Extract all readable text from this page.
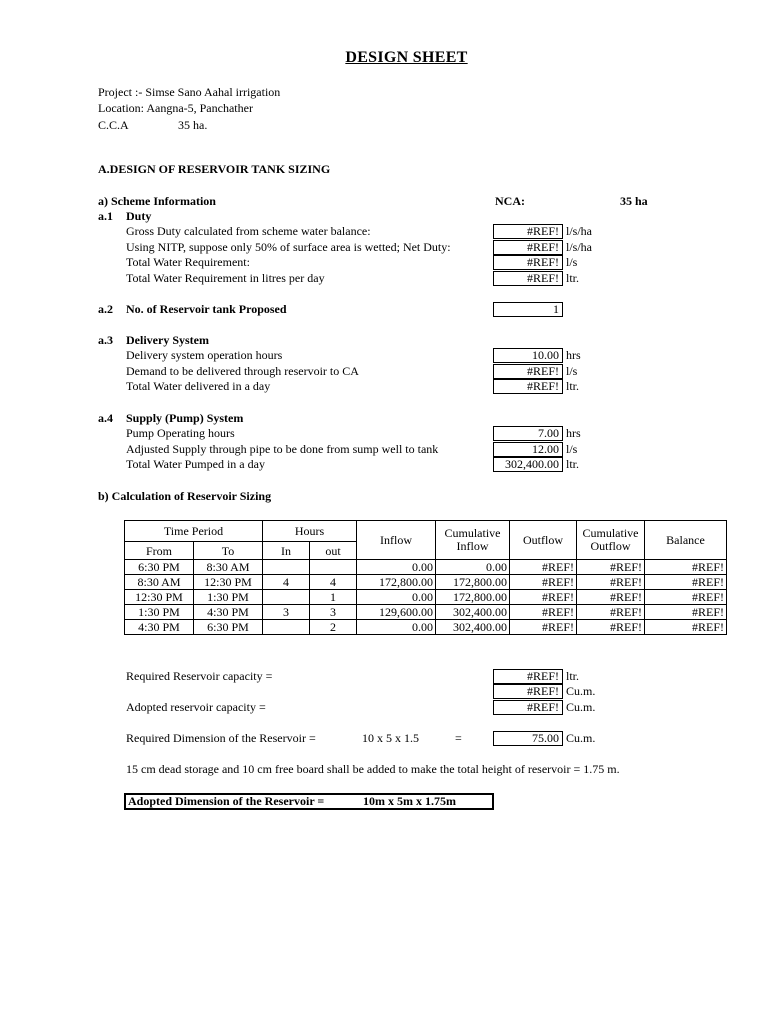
DESIGN SHEET
Project :- Simse Sano Aahal irrigation
Location: Aangna-5, Panchather
C.C.A	35 ha.
A.DESIGN OF RESERVOIR TANK SIZING
a) Scheme Information	NCA:	35 ha
a.1 Duty
Gross Duty calculated from scheme water balance:	#REF! l/s/ha
Using NITP, suppose only 50% of surface area is wetted; Net Duty:	#REF! l/s/ha
Total Water Requirement:	#REF! l/s
Total Water Requirement in litres per day	#REF! ltr.
a.2 No. of Reservoir tank Proposed	1
a.3 Delivery System
Delivery system operation hours	10.00 hrs
Demand to be delivered through reservoir to CA	#REF! l/s
Total Water delivered in a day	#REF! ltr.
a.4 Supply (Pump) System
Pump Operating hours	7.00 hrs
Adjusted Supply through pipe to be done from sump well to tank	12.00 l/s
Total Water Pumped in a day	302,400.00 ltr.
b) Calculation of Reservoir Sizing
Time Period		Hours		Inflow	Cumulative Inflow	Outflow	Cumulative Outflow	Balance
From	To	In	out					
6:30 PM	8:30 AM			0.00	0.00	#REF!	#REF!	#REF!
8:30 AM	12:30 PM	4	4	172,800.00	172,800.00	#REF!	#REF!	#REF!
12:30 PM	1:30 PM		1	0.00	172,800.00	#REF!	#REF!	#REF!
1:30 PM	4:30 PM	3	3	129,600.00	302,400.00	#REF!	#REF!	#REF!
4:30 PM	6:30 PM		2	0.00	302,400.00	#REF!	#REF!	#REF!
Required Reservoir capacity =	#REF! ltr.
#REF! Cu.m.
Adopted reservoir capacity =	#REF! Cu.m.
Required Dimension of the Reservoir =	10 x 5 x 1.5	=	75.00 Cu.m.
15 cm dead storage and 10 cm free board shall be added to make the total height of reservoir = 1.75 m.
Adopted Dimension of the Reservoir =	10m x 5m x 1.75m
